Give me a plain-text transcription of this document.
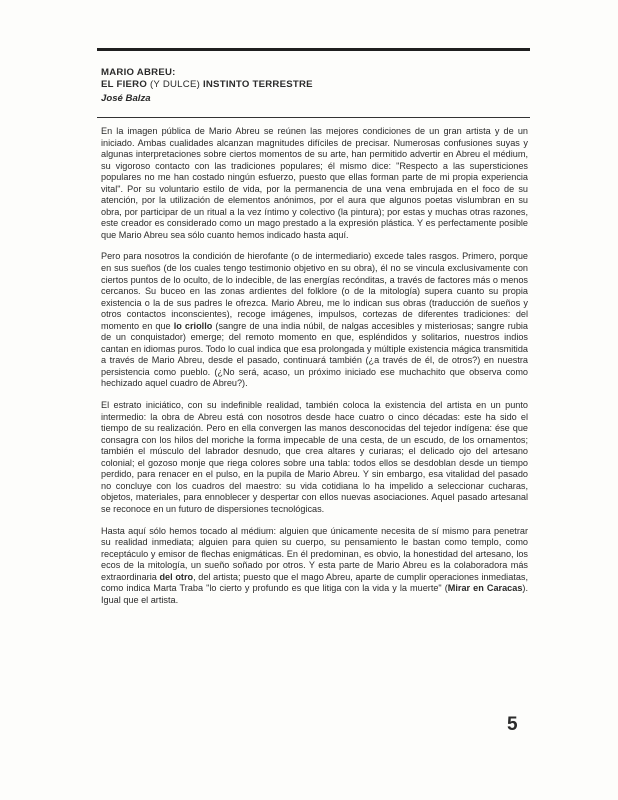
MARIO ABREU:
EL FIERO (Y DULCE) INSTINTO TERRESTRE
José Balza

En la imagen pública de Mario Abreu se reúnen las mejores condiciones de un gran artista y de un iniciado. Ambas cualidades alcanzan magnitudes difíciles de precisar. Numerosas confusiones suyas y algunas interpretaciones sobre ciertos momentos de su arte, han permitido advertir en Abreu el médium, su vigoroso contacto con las tradiciones populares; él mismo dice: "Respecto a las supersticiones populares no me han costado ningún esfuerzo, puesto que ellas forman parte de mi propia experiencia vital". Por su voluntario estilo de vida, por la permanencia de una vena embrujada en el foco de su atención, por la utilización de elementos anónimos, por el aura que algunos poetas vislumbran en su obra, por participar de un ritual a la vez íntimo y colectivo (la pintura); por estas y muchas otras razones, este creador es considerado como un mago prestado a la expresión plástica. Y es perfectamente posible que Mario Abreu sea sólo cuanto hemos indicado hasta aquí.

Pero para nosotros la condición de hierofante (o de intermediario) excede tales rasgos. Primero, porque en sus sueños (de los cuales tengo testimonio objetivo en su obra), él no se vincula exclusivamente con ciertos puntos de lo oculto, de lo indecible, de las energías recónditas, a través de factores más o menos cercanos. Su buceo en las zonas ardientes del folklore (o de la mitología) supera cuanto su propia existencia o la de sus padres le ofrezca. Mario Abreu, me lo indican sus obras (traducción de sueños y otros contactos inconscientes), recoge imágenes, impulsos, cortezas de diferentes tradiciones: del momento en que lo criollo (sangre de una india núbil, de nalgas accesibles y misteriosas; sangre rubia de un conquistador) emerge; del remoto momento en que, espléndidos y solitarios, nuestros indios cantan en idiomas puros. Todo lo cual indica que esa prolongada y múltiple existencia mágica transmitida a través de Mario Abreu, desde el pasado, continuará también (¿a través de él, de otros?) en nuestra persistencia como pueblo. (¿No será, acaso, un próximo iniciado ese muchachito que observa como hechizado aquel cuadro de Abreu?).

El estrato iniciático, con su indefinible realidad, también coloca la existencia del artista en un punto intermedio: la obra de Abreu está con nosotros desde hace cuatro o cinco décadas: este ha sido el tiempo de su realización. Pero en ella convergen las manos desconocidas del tejedor indígena: ése que consagra con los hilos del moriche la forma impecable de una cesta, de un escudo, de los ornamentos; también el músculo del labrador desnudo, que crea altares y curiaras; el delicado ojo del artesano colonial; el gozoso monje que riega colores sobre una tabla: todos ellos se desdoblan desde un tiempo perdido, para renacer en el pulso, en la pupila de Mario Abreu. Y sin embargo, esa vitalidad del pasado no concluye con los cuadros del maestro: su vida cotidiana lo ha impelido a seleccionar cucharas, objetos, materiales, para ennoblecer y despertar con ellos nuevas asociaciones. Aquel pasado artesanal se reconoce en un futuro de dispersiones tecnológicas.

Hasta aquí sólo hemos tocado al médium: alguien que únicamente necesita de sí mismo para penetrar su realidad inmediata; alguien para quien su cuerpo, su pensamiento le bastan como templo, como receptáculo y emisor de flechas enigmáticas. En él predominan, es obvio, la honestidad del artesano, los ecos de la mitología, un sueño soñado por otros. Y esta parte de Mario Abreu es la colaboradora más extraordinaria del otro, del artista; puesto que el mago Abreu, aparte de cumplir operaciones inmediatas, como indica Marta Traba "lo cierto y profundo es que litiga con la vida y la muerte" (Mirar en Caracas). Igual que el artista.

5
